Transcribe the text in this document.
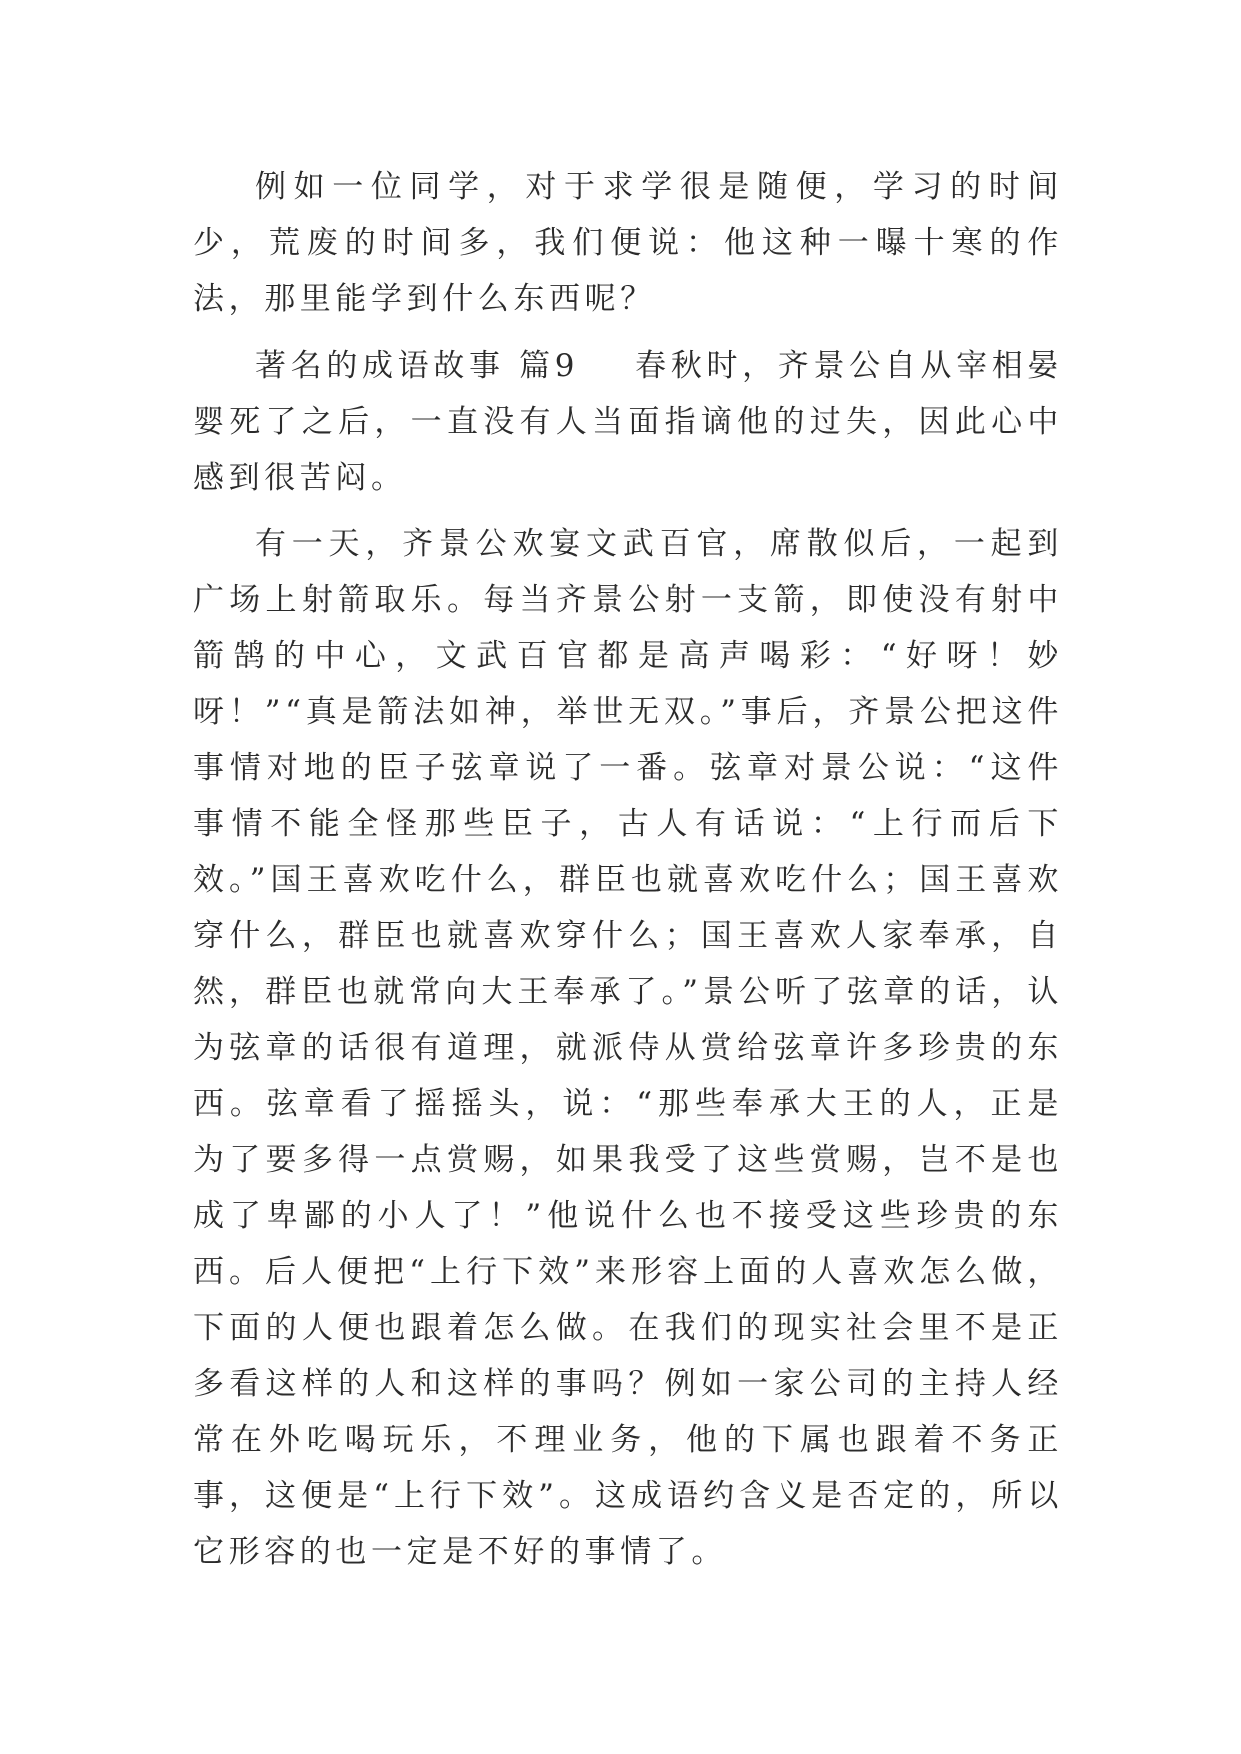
例如一位同学，对于求学很是随便，学习的时间少，荒废的时间多，我们便说：他这种一曝十寒的作法，那里能学到什么东西呢？

著名的成语故事 篇9 春秋时，齐景公自从宰相晏婴死了之后，一直没有人当面指谪他的过失，因此心中感到很苦闷。

有一天，齐景公欢宴文武百官，席散似后，一起到广场上射箭取乐。每当齐景公射一支箭，即使没有射中箭鹄的中心，文武百官都是高声喝彩：“好呀！妙呀！”“真是箭法如神，举世无双。”事后，齐景公把这件事情对地的臣子弦章说了一番。弦章对景公说：“这件事情不能全怪那些臣子，古人有话说：“上行而后下效。”国王喜欢吃什么，群臣也就喜欢吃什么；国王喜欢穿什么，群臣也就喜欢穿什么；国王喜欢人家奉承，自然，群臣也就常向大王奉承了。”景公听了弦章的话，认为弦章的话很有道理，就派侍从赏给弦章许多珍贵的东西。弦章看了摇摇头，说：“那些奉承大王的人，正是为了要多得一点赏赐，如果我受了这些赏赐，岂不是也成了卑鄙的小人了！”他说什么也不接受这些珍贵的东西。后人便把“上行下效”来形容上面的人喜欢怎么做，下面的人便也跟着怎么做。在我们的现实社会里不是正多看这样的人和这样的事吗？例如一家公司的主持人经常在外吃喝玩乐，不理业务，他的下属也跟着不务正事，这便是“上行下效”。这成语约含义是否定的，所以它形容的也一定是不好的事情了。
